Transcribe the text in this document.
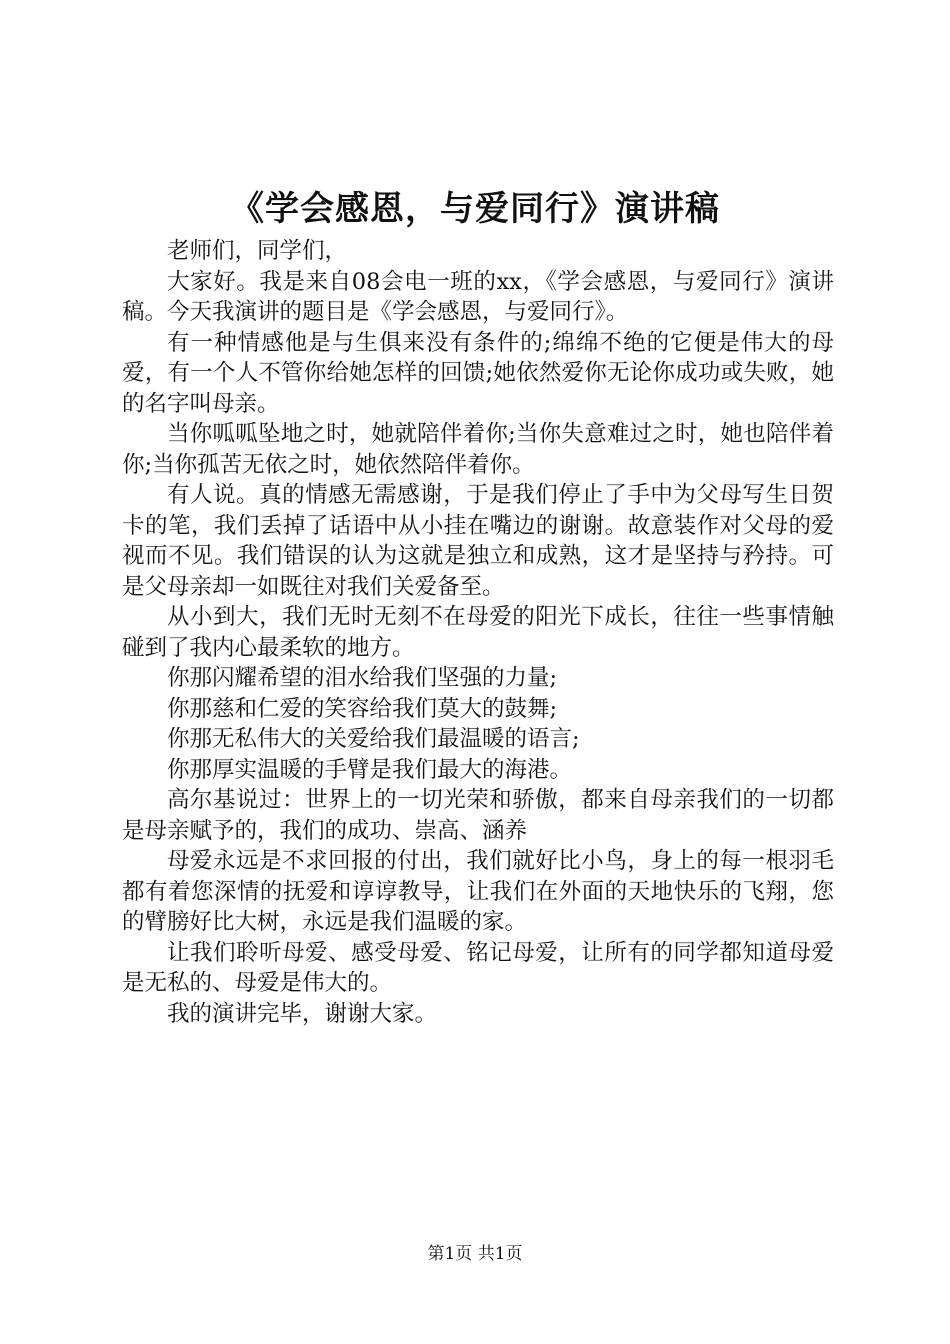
《学会感恩，与爱同行》演讲稿

老师们，同学们，

大家好。我是来自08会电一班的xx，《学会感恩，与爱同行》演讲稿。今天我演讲的题目是《学会感恩，与爱同行》。

有一种情感他是与生俱来没有条件的;绵绵不绝的它便是伟大的母爱，有一个人不管你给她怎样的回馈;她依然爱你无论你成功或失败，她的名字叫母亲。

当你呱呱坠地之时，她就陪伴着你;当你失意难过之时，她也陪伴着你;当你孤苦无依之时，她依然陪伴着你。

有人说。真的情感无需感谢，于是我们停止了手中为父母写生日贺卡的笔，我们丢掉了话语中从小挂在嘴边的谢谢。故意装作对父母的爱视而不见。我们错误的认为这就是独立和成熟，这才是坚持与矜持。可是父母亲却一如既往对我们关爱备至。

从小到大，我们无时无刻不在母爱的阳光下成长，往往一些事情触碰到了我内心最柔软的地方。

你那闪耀希望的泪水给我们坚强的力量;

你那慈和仁爱的笑容给我们莫大的鼓舞;

你那无私伟大的关爱给我们最温暖的语言;

你那厚实温暖的手臂是我们最大的海港。

高尔基说过：世界上的一切光荣和骄傲，都来自母亲我们的一切都是母亲赋予的，我们的成功、崇高、涵养

母爱永远是不求回报的付出，我们就好比小鸟，身上的每一根羽毛都有着您深情的抚爱和谆谆教导，让我们在外面的天地快乐的飞翔，您的臂膀好比大树，永远是我们温暖的家。

让我们聆听母爱、感受母爱、铭记母爱，让所有的同学都知道母爱是无私的、母爱是伟大的。

我的演讲完毕，谢谢大家。

第1页 共1页
